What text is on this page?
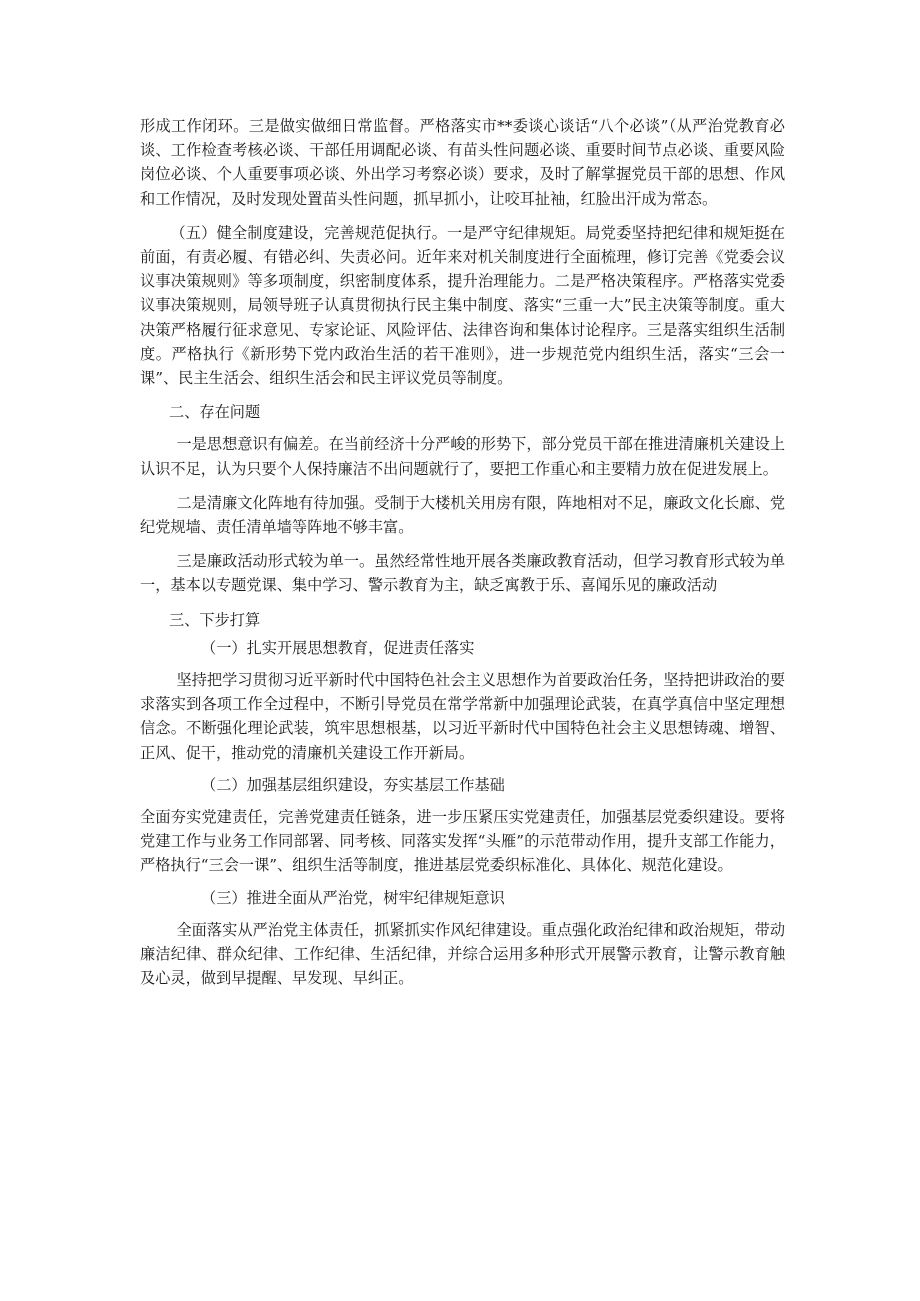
形成工作闭环。三是做实做细日常监督。严格落实市**委谈心谈话“八个必谈”（从严治党教育必谈、工作检查考核必谈、干部任用调配必谈、有苗头性问题必谈、重要时间节点必谈、重要风险岗位必谈、个人重要事项必谈、外出学习考察必谈）要求，及时了解掌握党员干部的思想、作风和工作情况，及时发现处置苗头性问题，抓早抓小，让咬耳扯袖，红脸出汗成为常态。

（五）健全制度建设，完善规范促执行。一是严守纪律规矩。局党委坚持把纪律和规矩挺在前面，有责必履、有错必纠、失责必问。近年来对机关制度进行全面梳理，修订完善《党委会议议事决策规则》等多项制度，织密制度体系，提升治理能力。二是严格决策程序。严格落实党委议事决策规则，局领导班子认真贯彻执行民主集中制度、落实“三重一大”民主决策等制度。重大决策严格履行征求意见、专家论证、风险评估、法律咨询和集体讨论程序。三是落实组织生活制度。严格执行《新形势下党内政治生活的若干准则》，进一步规范党内组织生活，落实“三会一课”、民主生活会、组织生活会和民主评议党员等制度。

二、存在问题

一是思想意识有偏差。在当前经济十分严峻的形势下，部分党员干部在推进清廉机关建设上认识不足，认为只要个人保持廉洁不出问题就行了，要把工作重心和主要精力放在促进发展上。

二是清廉文化阵地有待加强。受制于大楼机关用房有限，阵地相对不足，廉政文化长廊、党纪党规墙、责任清单墙等阵地不够丰富。

三是廉政活动形式较为单一。虽然经常性地开展各类廉政教育活动，但学习教育形式较为单一，基本以专题党课、集中学习、警示教育为主，缺乏寓教于乐、喜闻乐见的廉政活动

三、下步打算

（一）扎实开展思想教育，促进责任落实

坚持把学习贯彻习近平新时代中国特色社会主义思想作为首要政治任务，坚持把讲政治的要求落实到各项工作全过程中，不断引导党员在常学常新中加强理论武装，在真学真信中坚定理想信念。不断强化理论武装，筑牢思想根基，以习近平新时代中国特色社会主义思想铸魂、增智、正风、促干，推动党的清廉机关建设工作开新局。

（二）加强基层组织建设，夯实基层工作基础

全面夯实党建责任，完善党建责任链条，进一步压紧压实党建责任，加强基层党委织建设。要将党建工作与业务工作同部署、同考核、同落实发挥“头雁”的示范带动作用，提升支部工作能力，严格执行“三会一课”、组织生活等制度，推进基层党委织标准化、具体化、规范化建设。

（三）推进全面从严治党，树牢纪律规矩意识

全面落实从严治党主体责任，抓紧抓实作风纪律建设。重点强化政治纪律和政治规矩，带动廉洁纪律、群众纪律、工作纪律、生活纪律，并综合运用多种形式开展警示教育，让警示教育触及心灵，做到早提醒、早发现、早纠正。
